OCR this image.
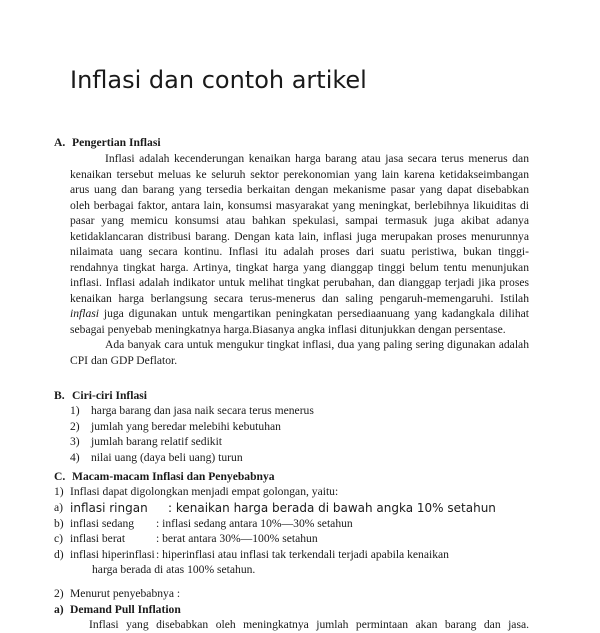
Inflasi dan contoh artikel
A. Pengertian Inflasi

Inflasi adalah kecenderungan kenaikan harga barang atau jasa secara terus menerus dan kenaikan tersebut meluas ke seluruh sektor perekonomian yang lain karena ketidakseimbangan arus uang dan barang yang tersedia berkaitan dengan mekanisme pasar yang dapat disebabkan oleh berbagai faktor, antara lain, konsumsi masyarakat yang meningkat, berlebihnya likuiditas di pasar yang memicu konsumsi atau bahkan spekulasi, sampai termasuk juga akibat adanya ketidaklancaran distribusi barang. Dengan kata lain, inflasi juga merupakan proses menurunnya nilaimata uang secara kontinu. Inflasi itu adalah proses dari suatu peristiwa, bukan tinggi-rendahnya tingkat harga. Artinya, tingkat harga yang dianggap tinggi belum tentu menunjukan inflasi. Inflasi adalah indikator untuk melihat tingkat perubahan, dan dianggap terjadi jika proses kenaikan harga berlangsung secara terus-menerus dan saling pengaruh-memengaruhi. Istilah inflasi juga digunakan untuk mengartikan peningkatan persediaanuang yang kadangkala dilihat sebagai penyebab meningkatnya harga.Biasanya angka inflasi ditunjukkan dengan persentase.

Ada banyak cara untuk mengukur tingkat inflasi, dua yang paling sering digunakan adalah CPI dan GDP Deflator.

B. Ciri-ciri Inflasi
1) harga barang dan jasa naik secara terus menerus
2) jumlah yang beredar melebihi kebutuhan
3) jumlah barang relatif sedikit
4) nilai uang (daya beli uang) turun
C. Macam-macam Inflasi dan Penyebabnya
1) Inflasi dapat digolongkan menjadi empat golongan, yaitu:
a) inflasi ringan	: kenaikan harga berada di bawah angka 10% setahun
b) inflasi sedang	: inflasi sedang antara 10%—30% setahun
c) inflasi berat	: berat antara 30%—100% setahun
d) inflasi hiperinflasi : hiperinflasi atau inflasi tak terkendali terjadi apabila kenaikan
harga berada di atas 100% setahun.
2) Menurut penyebabnya :
a) Demand Pull Inflation
Inflasi yang disebabkan oleh meningkatnya jumlah permintaan akan barang dan jasa.
